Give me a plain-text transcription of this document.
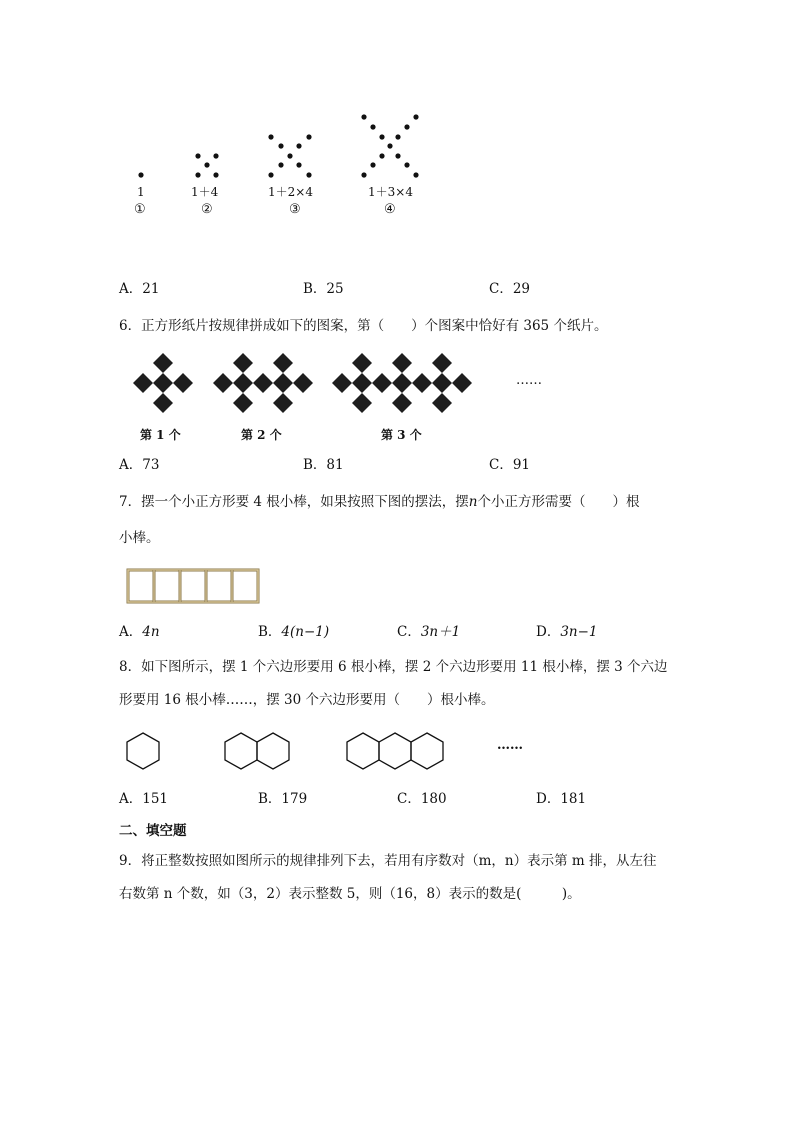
1	1＋4	1＋2×4	1＋3×4
①	②	③	④
A．21	B．25	C．29
6．正方形纸片按规律拼成如下的图案，第（　　）个图案中恰好有 365 个纸片。
……
第 1 个	第 2 个	第 3 个
A．73	B．81	C．91
7．摆一个小正方形要 4 根小棒，如果按照下图的摆法，摆n个小正方形需要（　　）根
小棒。
A．4n	B．4(n−1)	C．3n＋1	D．3n−1
8．如下图所示，摆 1 个六边形要用 6 根小棒，摆 2 个六边形要用 11 根小棒，摆 3 个六边
形要用 16 根小棒……，摆 30 个六边形要用（　　）根小棒。
……
A．151	B．179	C．180	D．181
二、填空题
9．将正整数按照如图所示的规律排列下去，若用有序数对（m，n）表示第 m 排，从左往
右数第 n 个数，如（3，2）表示整数 5，则（16，8）表示的数是(　　　)。
